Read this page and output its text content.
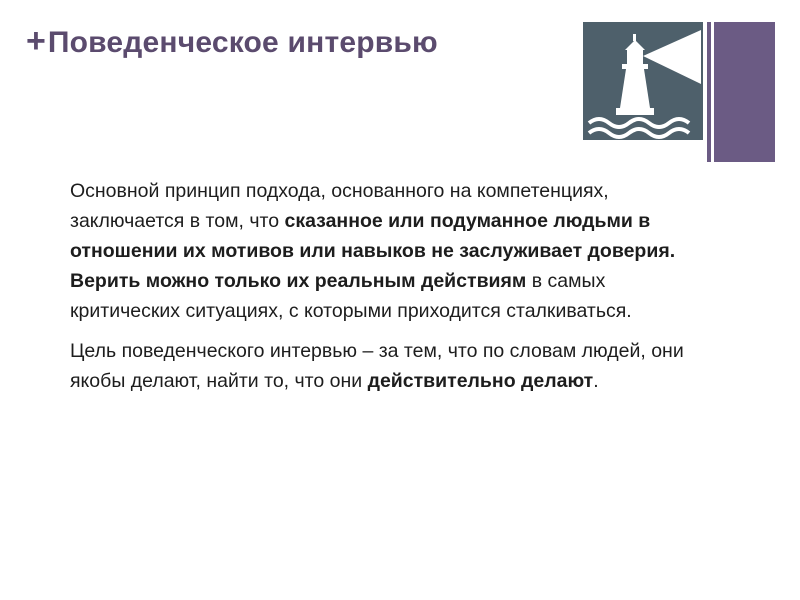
+ Поведенческое интервью

Основной принцип подхода, основанного на компетенциях, заключается в том, что сказанное или подуманное людьми в отношении их мотивов или навыков не заслуживает доверия. Верить можно только их реальным действиям в самых критических ситуациях, с которыми приходится сталкиваться.

Цель поведенческого интервью – за тем, что по словам людей, они якобы делают, найти то, что они действительно делают.
